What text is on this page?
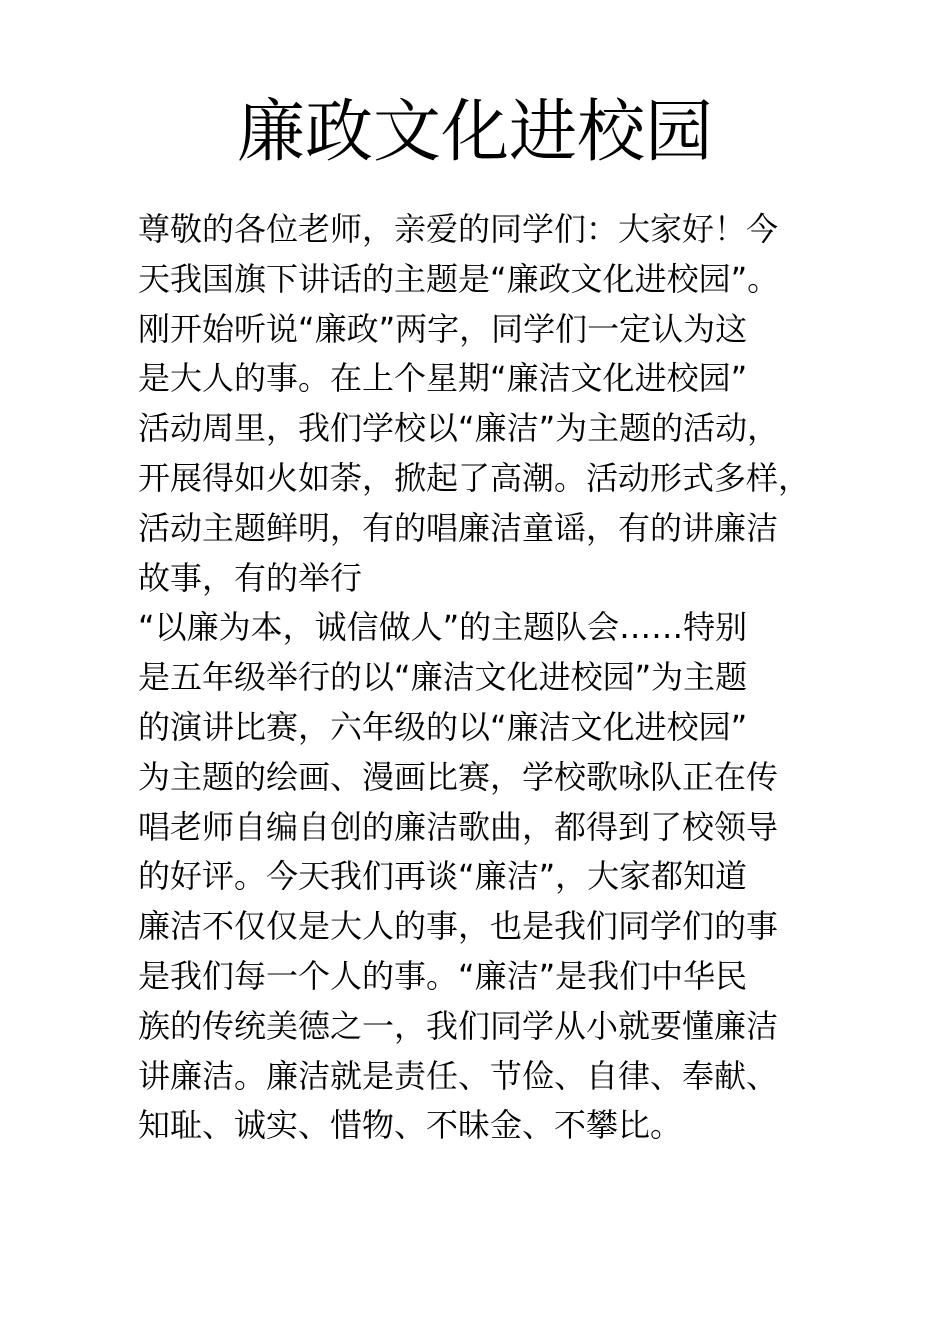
廉政文化进校园
尊敬的各位老师，亲爱的同学们：大家好！今
天我国旗下讲话的主题是“廉政文化进校园”。
刚开始听说“廉政”两字，同学们一定认为这
是大人的事。在上个星期“廉洁文化进校园”
活动周里，我们学校以“廉洁”为主题的活动，
开展得如火如荼，掀起了高潮。活动形式多样，
活动主题鲜明，有的唱廉洁童谣，有的讲廉洁
故事，有的举行
“以廉为本，诚信做人”的主题队会……特别
是五年级举行的以“廉洁文化进校园”为主题
的演讲比赛，六年级的以“廉洁文化进校园”
为主题的绘画、漫画比赛，学校歌咏队正在传
唱老师自编自创的廉洁歌曲，都得到了校领导
的好评。今天我们再谈“廉洁”，大家都知道
廉洁不仅仅是大人的事，也是我们同学们的事
是我们每一个人的事。“廉洁”是我们中华民
族的传统美德之一，我们同学从小就要懂廉洁
讲廉洁。廉洁就是责任、节俭、自律、奉献、
知耻、诚实、惜物、不昧金、不攀比。
